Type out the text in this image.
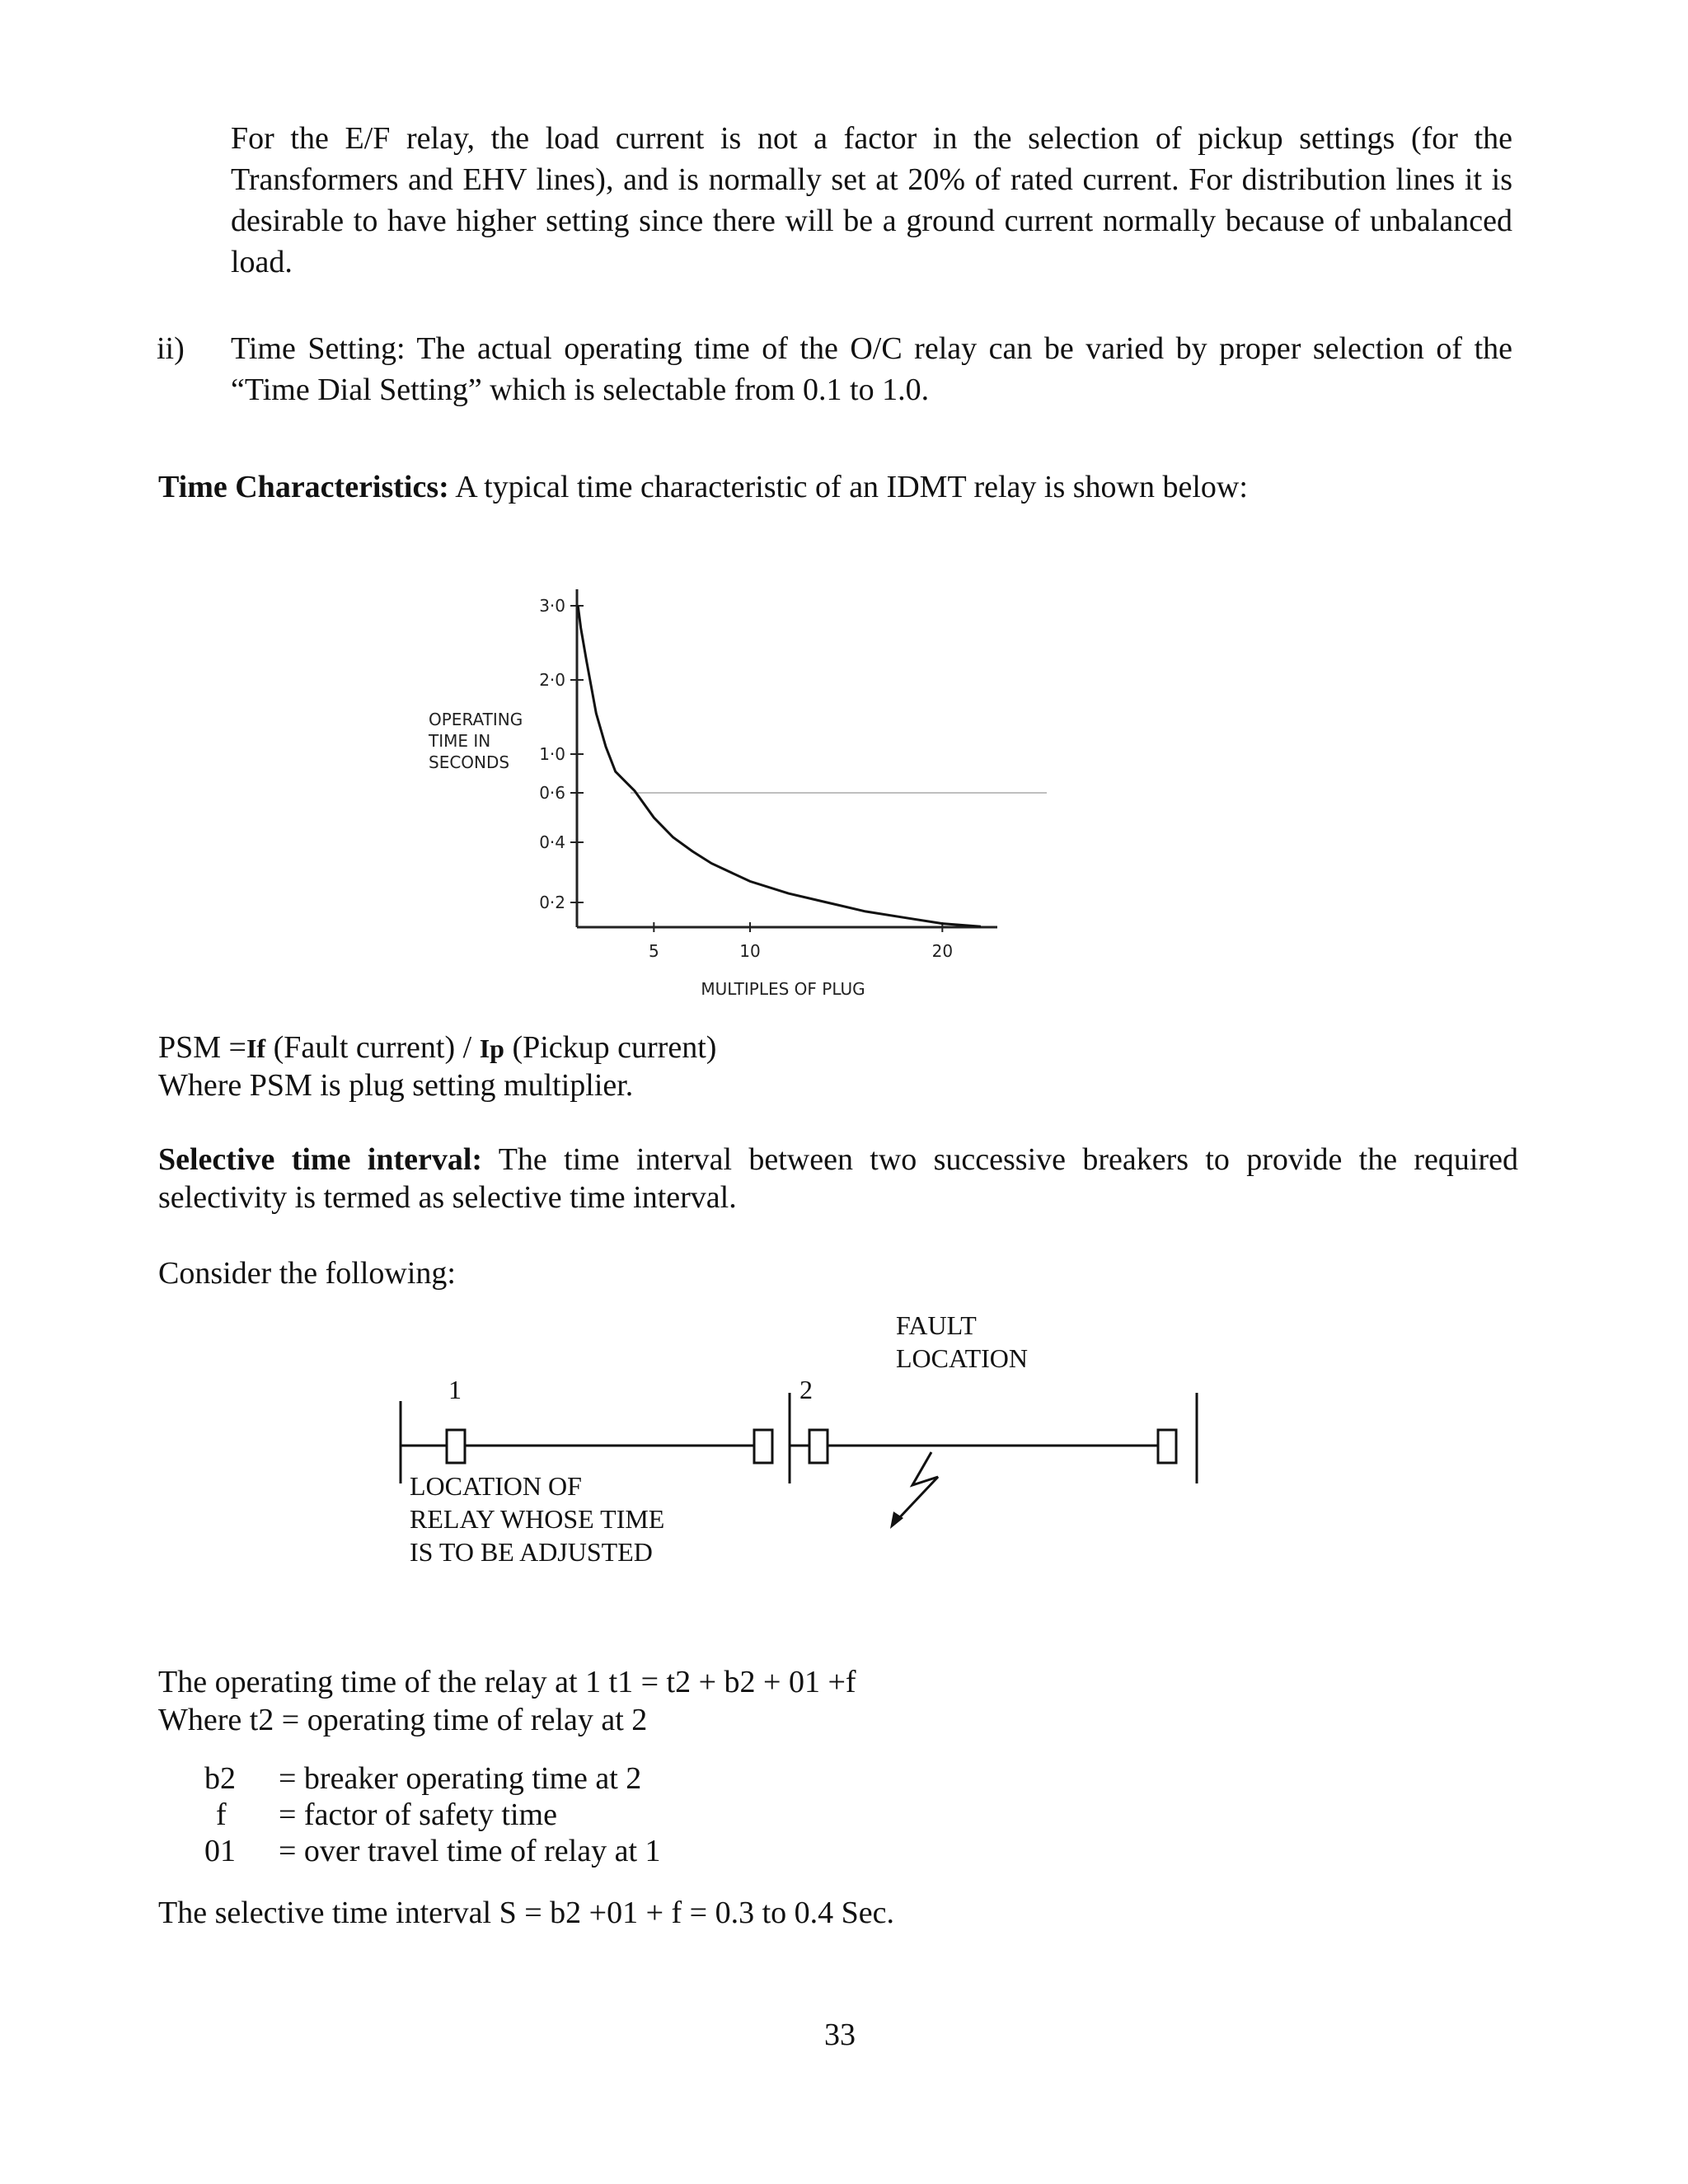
For the E/F relay, the load current is not a factor in the selection of pickup settings (for the Transformers and EHV lines), and is normally set at 20% of rated current. For distribution lines it is desirable to have higher setting since there will be a ground current normally because of unbalanced load.

ii) Time Setting: The actual operating time of the O/C relay can be varied by proper selection of the “Time Dial Setting” which is selectable from 0.1 to 1.0.

Time Characteristics: A typical time characteristic of an IDMT relay is shown below:

3·0
2·0
1·0
0·6
0·4
0·2
5	10	20
OPERATING
TIME IN
SECONDS
MULTIPLES OF PLUG
PSM =If (Fault current) / Ip (Pickup current)
Where PSM is plug setting multiplier.

Selective time interval: The time interval between two successive breakers to provide the required selectivity is termed as selective time interval.

Consider the following:
1	2
FAULT
LOCATION
LOCATION OF
RELAY WHOSE TIME
IS TO BE ADJUSTED
The operating time of the relay at 1 t1 = t2 + b2 + 01 +f
Where t2 = operating time of relay at 2
b2 = breaker operating time at 2
f = factor of safety time
01 = over travel time of relay at 1
The selective time interval S = b2 +01 + f = 0.3 to 0.4 Sec.
33
